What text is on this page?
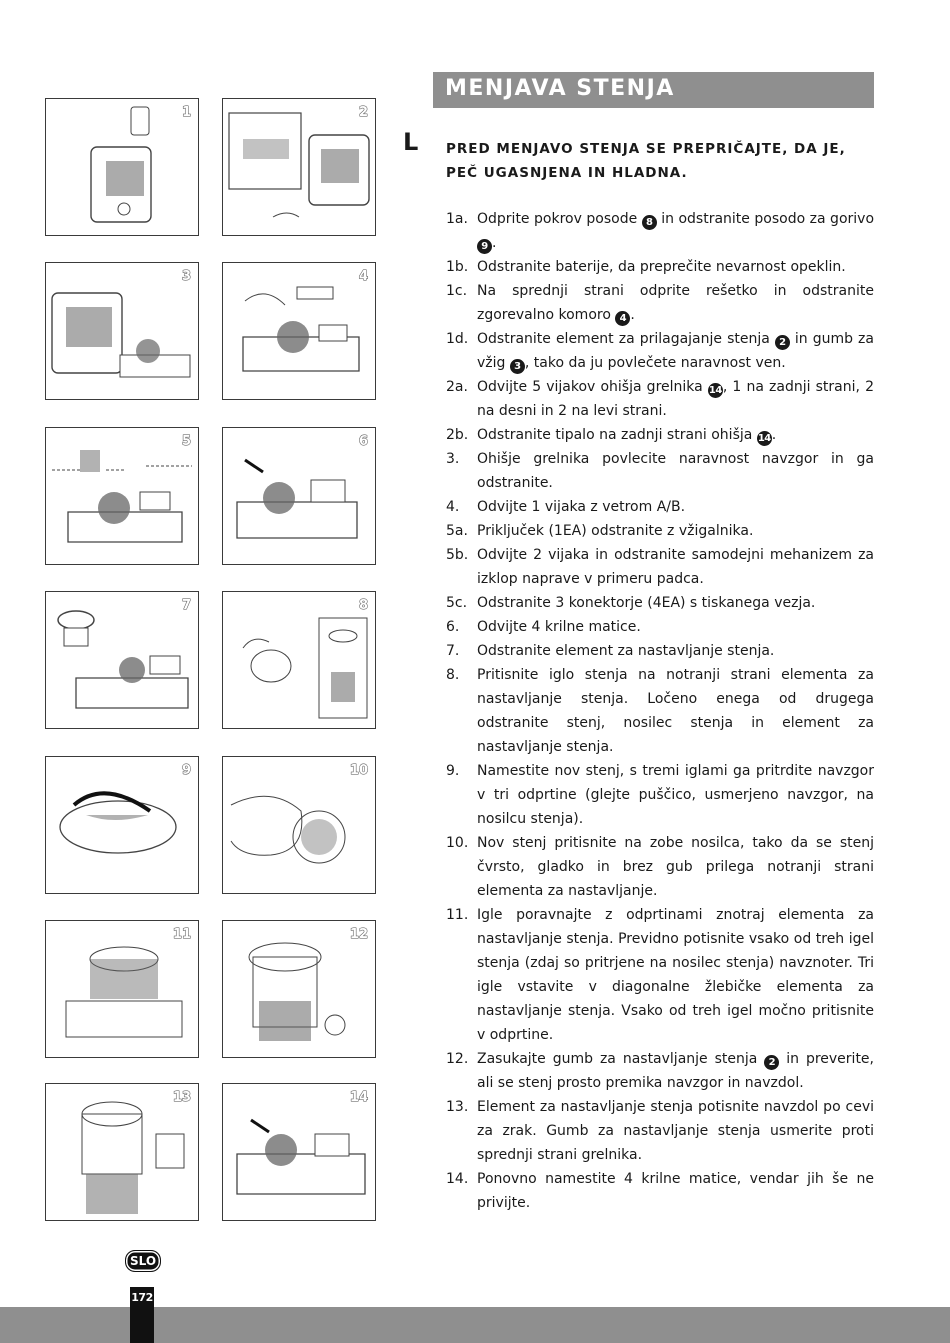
1	2
3	4
5	6
7	8
9	10
11	12
13	14
MENJAVA STENJA
L PRED MENJAVO STENJA SE PREPRIČAJTE, DA JE,
PEČ UGASNJENA IN HLADNA.
1a. Odprite pokrov posode 8 in odstranite posodo za gorivo 9 .
1b. Odstranite baterije, da preprečite nevarnost opeklin.
1c. Na sprednji strani odprite rešetko in odstranite zgorevalno komoro 4 .
1d. Odstranite element za prilagajanje stenja 2 in gumb za vžig 3 , tako da ju povlečete naravnost ven.
2a. Odvijte 5 vijakov ohišja grelnika 14, 1 na zadnji strani, 2 na desni in 2 na levi strani.
2b. Odstranite tipalo na zadnji strani ohišja 14.
3. Ohišje grelnika povlecite naravnost navzgor in ga odstranite.
4. Odvijte 1 vijaka z vetrom A/B.
5a. Priključek (1EA) odstranite z vžigalnika.
5b. Odvijte 2 vijaka in odstranite samodejni mehanizem za izklop naprave v primeru padca.
5c. Odstranite 3 konektorje (4EA) s tiskanega vezja.
6. Odvijte 4 krilne matice.
7. Odstranite element za nastavljanje stenja.
8. Pritisnite iglo stenja na notranji strani elementa za nastavljanje stenja. Ločeno enega od drugega odstranite stenj, nosilec stenja in element za nastavljanje stenja.
9. Namestite nov stenj, s tremi iglami ga pritrdite navzgor v tri odprtine (glejte puščico, usmerjeno navzgor, na nosilcu stenja).
10. Nov stenj pritisnite na zobe nosilca, tako da se stenj čvrsto, gladko in brez gub prilega notranji strani elementa za nastavljanje.
11. Igle poravnajte z odprtinami znotraj elementa za nastavljanje stenja. Previdno potisnite vsako od treh igel stenja (zdaj so pritrjene na nosilec stenja) navznoter. Tri igle vstavite v diagonalne žlebičke elementa za nastavljanje stenja. Vsako od treh igel močno pritisnite v odprtine.
12. Zasukajte gumb za nastavljanje stenja 2 in preverite, ali se stenj prosto premika navzgor in navzdol.
13. Element za nastavljanje stenja potisnite navzdol po cevi za zrak. Gumb za nastavljanje stenja usmerite proti sprednji strani grelnika.
14. Ponovno namestite 4 krilne matice, vendar jih še ne privijte.
SLO
172
